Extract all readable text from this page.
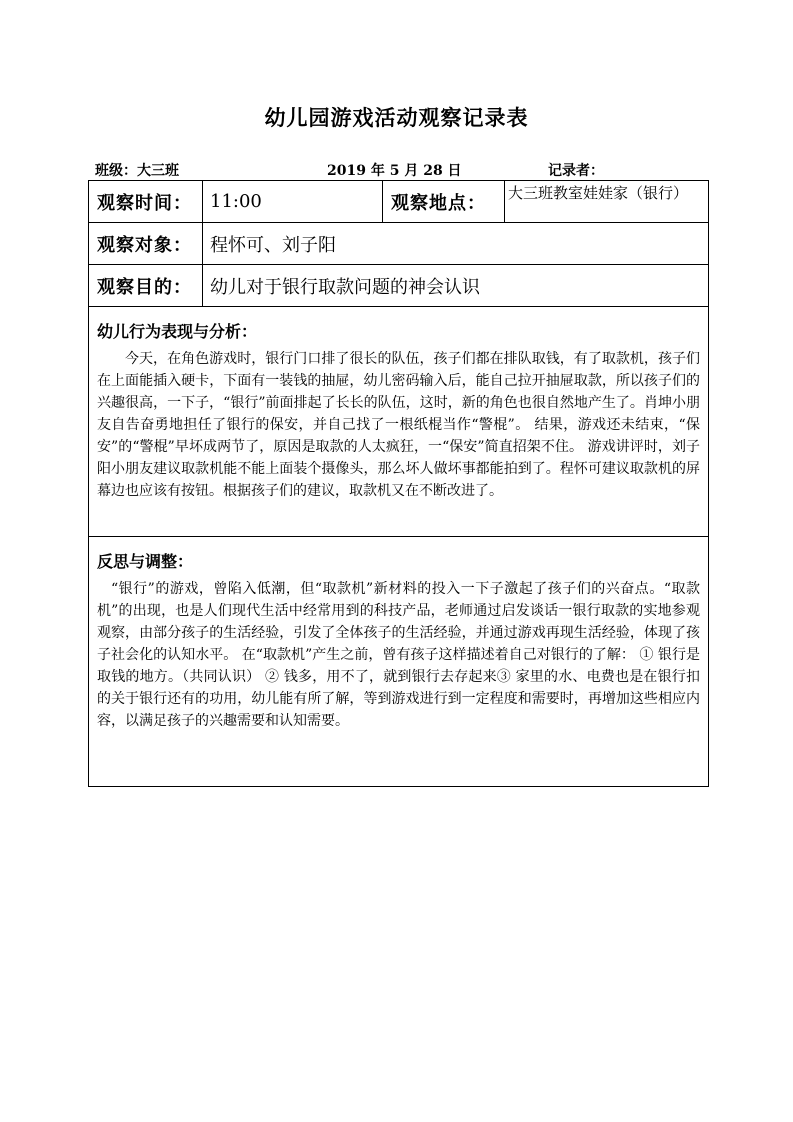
幼儿园游戏活动观察记录表
班级：大三班	2019 年 5 月 28 日	记录者：
观察时间：	11:00	观察地点：	大三班教室娃娃家（银行）
观察对象：	程怀可、刘子阳		
观察目的：	幼儿对于银行取款问题的神会认识		

幼儿行为表现与分析：

今天，在角色游戏时，银行门口排了很长的队伍，孩子们都在排队取钱，有了取款机，孩子们在上面能插入硬卡，下面有一装钱的抽屉，幼儿密码输入后，能自己拉开抽屉取款，所以孩子们的兴趣很高，一下子，“银行”前面排起了长长的队伍，这时，新的角色也很自然地产生了。肖坤小朋友自告奋勇地担任了银行的保安，并自己找了一根纸棍当作“警棍”。 结果，游戏还未结束，“保安”的“警棍”早坏成两节了，原因是取款的人太疯狂，一“保安”简直招架不住。 游戏讲评时，刘子阳小朋友建议取款机能不能上面装个摄像头，那么坏人做坏事都能拍到了。程怀可建议取款机的屏幕边也应该有按钮。根据孩子们的建议，取款机又在不断改进了。			

反思与调整：

“银行”的游戏，曾陷入低潮，但“取款机”新材料的投入一下子激起了孩子们的兴奋点。“取款机”的出现，也是人们现代生活中经常用到的科技产品，老师通过启发谈话一银行取款的实地参观观察，由部分孩子的生活经验，引发了全体孩子的生活经验，并通过游戏再现生活经验，体现了孩子社会化的认知水平。 在“取款机”产生之前，曾有孩子这样描述着自己对银行的了解： ① 银行是取钱的地方。（共同认识） ② 钱多，用不了，就到银行去存起来③ 家里的水、电费也是在银行扣的关于银行还有的功用，幼儿能有所了解，等到游戏进行到一定程度和需要时，再增加这些相应内容，以满足孩子的兴趣需要和认知需要。			
